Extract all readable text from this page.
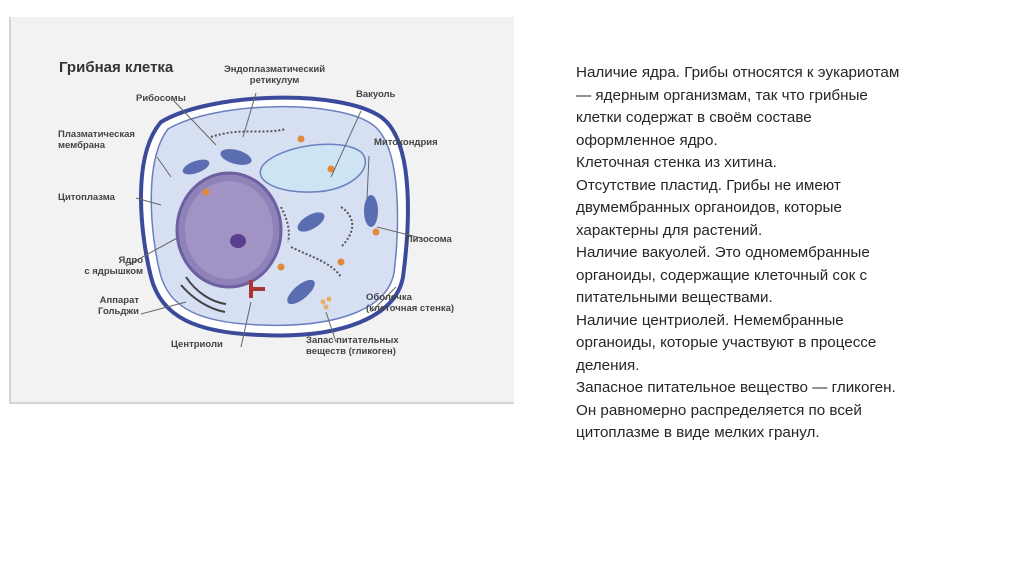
Грибная клетка	Эндоплазматический
ретикулум
Рибосомы	Вакуоль
Плазматическая
мембрана	Митохондрия
Цитоплазма
Лизосома
Ядро
с ядрышком
Аппарат
Гольджи
Оболочка
(клеточная стенка)
Центриоли	Запас питательных
веществ (гликоген)

Наличие ядра. Грибы относятся к эукариотам

— ядерным организмам, так что грибные

клетки содержат в своём составе

оформленное ядро.

Клеточная стенка из хитина.

Отсутствие пластид. Грибы не имеют

двумембранных органоидов, которые

характерны для растений.

Наличие вакуолей. Это одномембранные

органоиды, содержащие клеточный сок с

питательными веществами.

Наличие центриолей. Немембранные

органоиды, которые участвуют в процессе

деления.

Запасное питательное вещество — гликоген.

Он равномерно распределяется по всей

цитоплазме в виде мелких гранул.
